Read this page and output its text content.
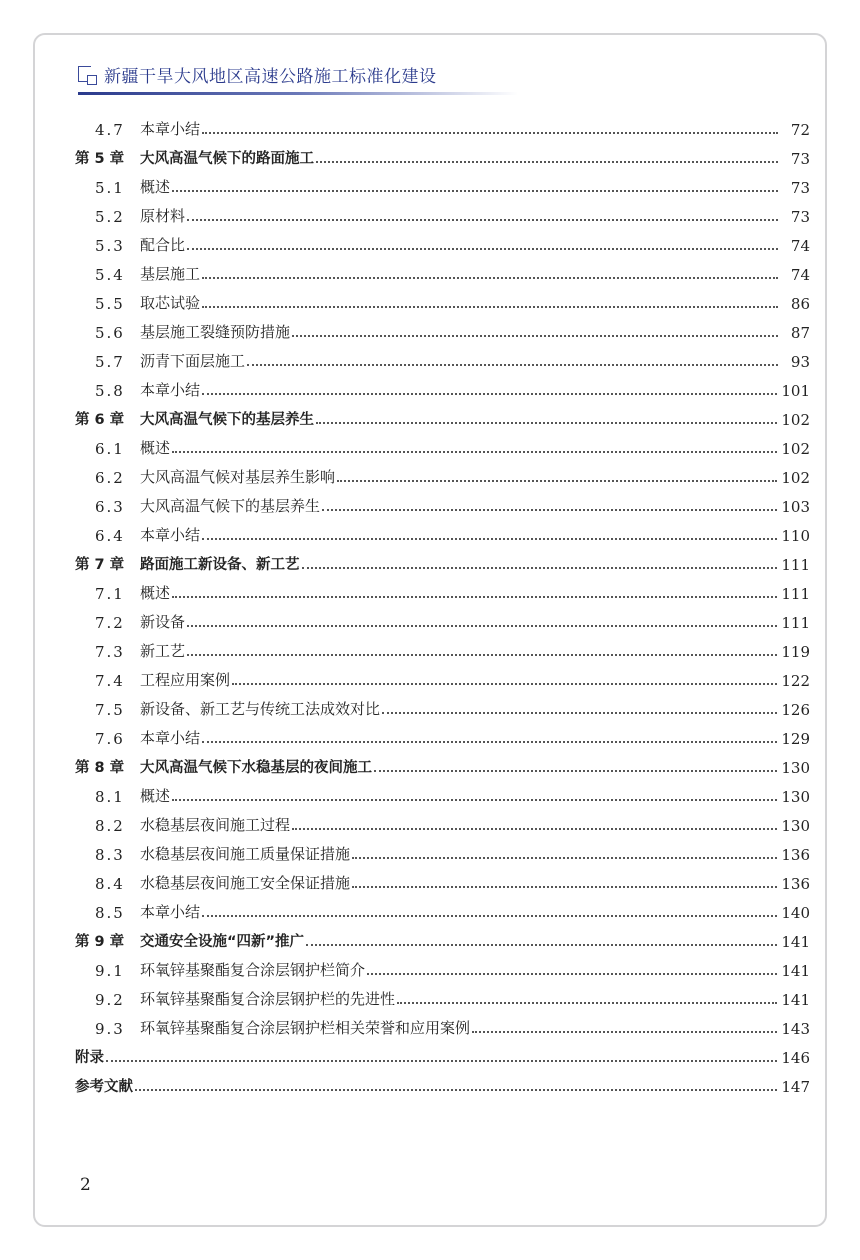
新疆干旱大风地区高速公路施工标准化建设
4.7	本章小结	72
第 5 章	大风高温气候下的路面施工	73
5.1	概述	73
5.2	原材料	73
5.3	配合比	74
5.4	基层施工	74
5.5	取芯试验	86
5.6	基层施工裂缝预防措施	87
5.7	沥青下面层施工	93
5.8	本章小结	101
第 6 章	大风高温气候下的基层养生	102
6.1	概述	102
6.2	大风高温气候对基层养生影响	102
6.3	大风高温气候下的基层养生	103
6.4	本章小结	110
第 7 章	路面施工新设备、新工艺	111
7.1	概述	111
7.2	新设备	111
7.3	新工艺	119
7.4	工程应用案例	122
7.5	新设备、新工艺与传统工法成效对比	126
7.6	本章小结	129
第 8 章	大风高温气候下水稳基层的夜间施工	130
8.1	概述	130
8.2	水稳基层夜间施工过程	130
8.3	水稳基层夜间施工质量保证措施	136
8.4	水稳基层夜间施工安全保证措施	136
8.5	本章小结	140
第 9 章	交通安全设施“四新”推广	141
9.1	环氧锌基聚酯复合涂层钢护栏简介	141
9.2	环氧锌基聚酯复合涂层钢护栏的先进性	141
9.3	环氧锌基聚酯复合涂层钢护栏相关荣誉和应用案例	143
附录	146
参考文献	147
2
